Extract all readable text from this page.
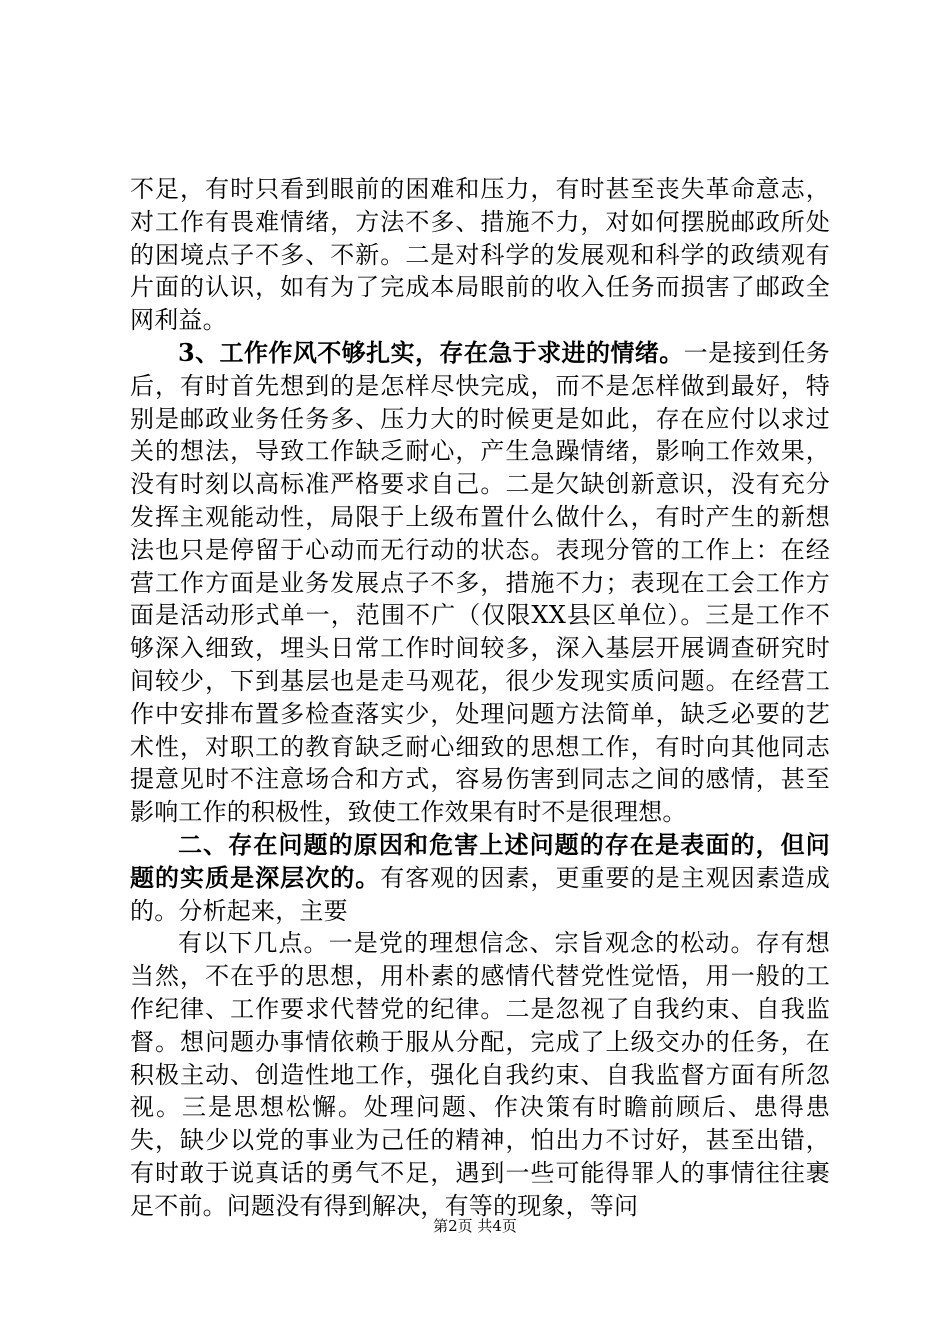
不足，有时只看到眼前的困难和压力，有时甚至丧失革命意志，对工作有畏难情绪，方法不多、措施不力，对如何摆脱邮政所处的困境点子不多、不新。二是对科学的发展观和科学的政绩观有片面的认识，如有为了完成本局眼前的收入任务而损害了邮政全网利益。

3、工作作风不够扎实，存在急于求进的情绪。一是接到任务后，有时首先想到的是怎样尽快完成，而不是怎样做到最好，特别是邮政业务任务多、压力大的时候更是如此，存在应付以求过关的想法，导致工作缺乏耐心，产生急躁情绪，影响工作效果，没有时刻以高标准严格要求自己。二是欠缺创新意识，没有充分发挥主观能动性，局限于上级布置什么做什么，有时产生的新想法也只是停留于心动而无行动的状态。表现分管的工作上：在经营工作方面是业务发展点子不多，措施不力；表现在工会工作方面是活动形式单一，范围不广（仅限XX县区单位）。三是工作不够深入细致，埋头日常工作时间较多，深入基层开展调查研究时间较少，下到基层也是走马观花，很少发现实质问题。在经营工作中安排布置多检查落实少，处理问题方法简单，缺乏必要的艺术性，对职工的教育缺乏耐心细致的思想工作，有时向其他同志提意见时不注意场合和方式，容易伤害到同志之间的感情，甚至影响工作的积极性，致使工作效果有时不是很理想。

二、存在问题的原因和危害上述问题的存在是表面的，但问题的实质是深层次的。有客观的因素，更重要的是主观因素造成的。分析起来，主要

有以下几点。一是党的理想信念、宗旨观念的松动。存有想当然，不在乎的思想，用朴素的感情代替党性觉悟，用一般的工作纪律、工作要求代替党的纪律。二是忽视了自我约束、自我监督。想问题办事情依赖于服从分配，完成了上级交办的任务，在积极主动、创造性地工作，强化自我约束、自我监督方面有所忽视。三是思想松懈。处理问题、作决策有时瞻前顾后、患得患失，缺少以党的事业为己任的精神，怕出力不讨好，甚至出错，有时敢于说真话的勇气不足，遇到一些可能得罪人的事情往往裹足不前。问题没有得到解决，有等的现象，等问

第2页 共4页
